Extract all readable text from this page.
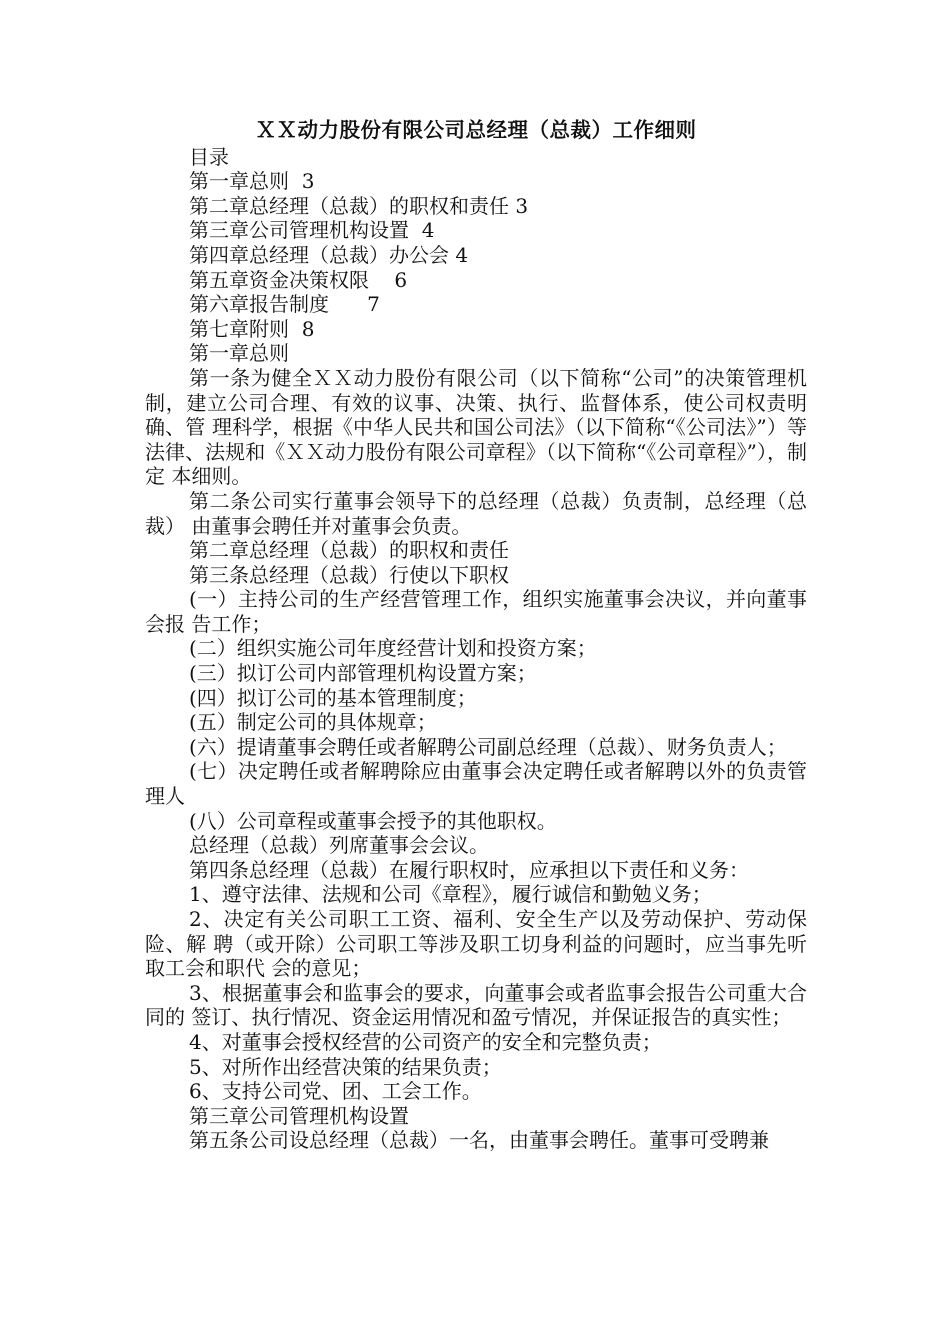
ＸＸ动力股份有限公司总经理（总裁）工作细则
目录
第一章总则  3
第二章总经理（总裁）的职权和责任 3
第三章公司管理机构设置  4
第四章总经理（总裁）办公会 4
第五章资金决策权限    6
第六章报告制度      7
第七章附则  8
第一章总则

第一条为健全ＸＸ动力股份有限公司（以下简称“公司”的决策管理机 制，建立公司合理、有效的议事、决策、执行、监督体系，使公司权责明确、管 理科学，根据《中华人民共和国公司法》（以下简称“《公司法》”）等法律、法规和《ＸＸ动力股份有限公司章程》（以下简称“《公司章程》”），制定 本细则。

第二条公司实行董事会领导下的总经理（总裁）负责制，总经理（总裁） 由董事会聘任并对董事会负责。

第二章总经理（总裁）的职权和责任
第三条总经理（总裁）行使以下职权

(一）主持公司的生产经营管理工作，组织实施董事会决议，并向董事会报 告工作；

(二）组织实施公司年度经营计划和投资方案；
(三）拟订公司内部管理机构设置方案；
(四）拟订公司的基本管理制度；
(五）制定公司的具体规章；

(六）提请董事会聘任或者解聘公司副总经理（总裁）、财务负责人；

(七）决定聘任或者解聘除应由董事会决定聘任或者解聘以外的负责管理人

(八）公司章程或董事会授予的其他职权。
总经理（总裁）列席董事会会议。
第四条总经理（总裁）在履行职权时，应承担以下责任和义务：
1、遵守法律、法规和公司《章程》，履行诚信和勤勉义务；

2、决定有关公司职工工资、福利、安全生产以及劳动保护、劳动保险、解 聘（或开除）公司职工等涉及职工切身利益的问题时，应当事先听取工会和职代 会的意见；

3、根据董事会和监事会的要求，向董事会或者监事会报告公司重大合同的 签订、执行情况、资金运用情况和盈亏情况，并保证报告的真实性；

4、对董事会授权经营的公司资产的安全和完整负责；
5、对所作出经营决策的结果负责；
6、支持公司党、团、工会工作。
第三章公司管理机构设置

第五条公司设总经理（总裁）一名，由董事会聘任。董事可受聘兼
